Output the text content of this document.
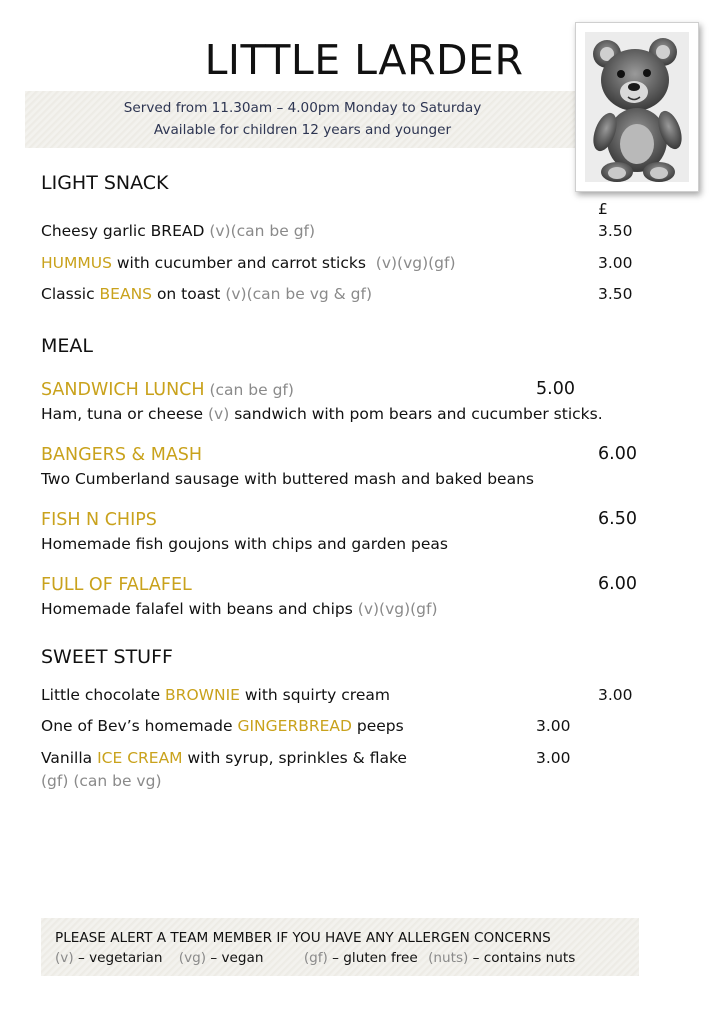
LITTLE LARDER
Served from 11.30am – 4.00pm Monday to Saturday
Available for children 12 years and younger
LIGHT SNACK
£
Cheesy garlic BREAD (v)(can be gf)	3.50
HUMMUS with cucumber and carrot sticks  (v)(vg)(gf)	3.00
Classic BEANS on toast (v)(can be vg & gf)	3.50
MEAL
SANDWICH LUNCH (can be gf)	5.00
Ham, tuna or cheese (v) sandwich with pom bears and cucumber sticks.
BANGERS & MASH	6.00
Two Cumberland sausage with buttered mash and baked beans
FISH N CHIPS	6.50
Homemade fish goujons with chips and garden peas
FULL OF FALAFEL	6.00
Homemade falafel with beans and chips (v)(vg)(gf)
SWEET STUFF
Little chocolate BROWNIE with squirty cream	3.00
One of Bev’s homemade GINGERBREAD peeps	3.00
Vanilla ICE CREAM with syrup, sprinkles & flake	3.00
(gf) (can be vg)
PLEASE ALERT A TEAM MEMBER IF YOU HAVE ANY ALLERGEN CONCERNS
(v) – vegetarian (vg) – vegan	(gf) – gluten free (nuts) – contains nuts
